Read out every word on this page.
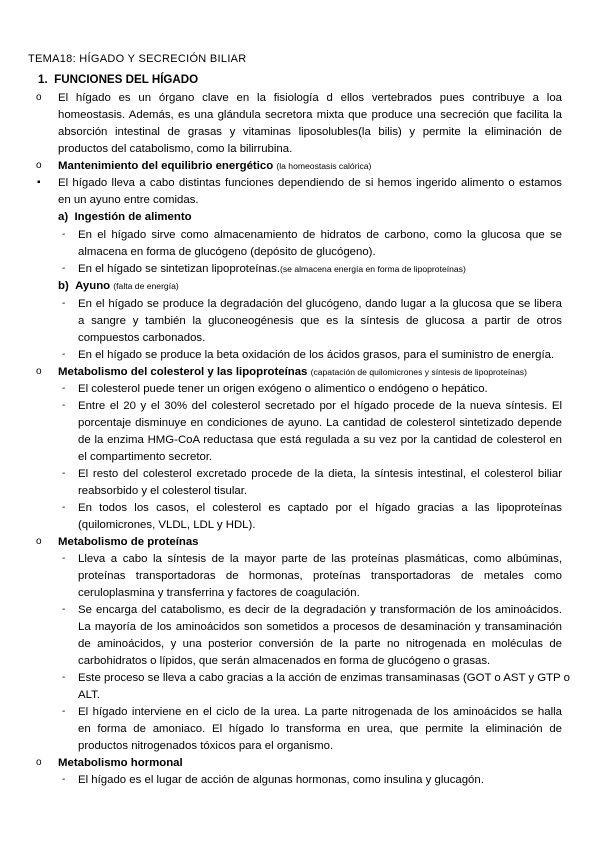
TEMA18: HÍGADO Y SECRECIÓN BILIAR
1. FUNCIONES DEL HÍGADO
o El hígado es un órgano clave en la fisiología d ellos vertebrados pues contribuye a loa
homeostasis. Además, es una glándula secretora mixta que produce una secreción que facilita la
absorción intestinal de grasas y vitaminas liposolubles(la bilis) y permite la eliminación de
productos del catabolismo, como la bilirrubina.
o Mantenimiento del equilibrio energético (la homeostasis calórica)
▪ El hígado lleva a cabo distintas funciones dependiendo de si hemos ingerido alimento o estamos
en un ayuno entre comidas.
a) Ingestión de alimento
- En el hígado sirve como almacenamiento de hidratos de carbono, como la glucosa que se
almacena en forma de glucógeno (depósito de glucógeno).
- En el hígado se sintetizan lipoproteínas.(se almacena energía en forma de lipoproteínas)
b) Ayuno (falta de energía)
- En el hígado se produce la degradación del glucógeno, dando lugar a la glucosa que se libera
a sangre y también la gluconeogénesis que es la síntesis de glucosa a partir de otros
compuestos carbonados.
- En el hígado se produce la beta oxidación de los ácidos grasos, para el suministro de energía.
o Metabolismo del colesterol y las lipoproteínas (capatación de quilomicrones y síntesis de lipoproteínas)
- El colesterol puede tener un origen exógeno o alimentico o endógeno o hepático.
- Entre el 20 y el 30% del colesterol secretado por el hígado procede de la nueva síntesis. El
porcentaje disminuye en condiciones de ayuno. La cantidad de colesterol sintetizado depende
de la enzima HMG-CoA reductasa que está regulada a su vez por la cantidad de colesterol en
el compartimento secretor.
- El resto del colesterol excretado procede de la dieta, la síntesis intestinal, el colesterol biliar
reabsorbido y el colesterol tisular.
- En todos los casos, el colesterol es captado por el hígado gracias a las lipoproteínas
(quilomicrones, VLDL, LDL y HDL).
o Metabolismo de proteínas
- Lleva a cabo la síntesis de la mayor parte de las proteínas plasmáticas, como albúminas,
proteínas transportadoras de hormonas, proteínas transportadoras de metales como
ceruloplasmina y transferrina y factores de coagulación.
- Se encarga del catabolismo, es decir de la degradación y transformación de los aminoácidos.
La mayoría de los aminoácidos son sometidos a procesos de desaminación y transaminación
de aminoácidos, y una posterior conversión de la parte no nitrogenada en moléculas de
carbohidratos o lípidos, que serán almacenados en forma de glucógeno o grasas.
- Este proceso se lleva a cabo gracias a la acción de enzimas transaminasas (GOT o AST y GTP o
ALT.
- El hígado interviene en el ciclo de la urea. La parte nitrogenada de los aminoácidos se halla
en forma de amoniaco. El hígado lo transforma en urea, que permite la eliminación de
productos nitrogenados tóxicos para el organismo.
o Metabolismo hormonal
- El hígado es el lugar de acción de algunas hormonas, como insulina y glucagón.
